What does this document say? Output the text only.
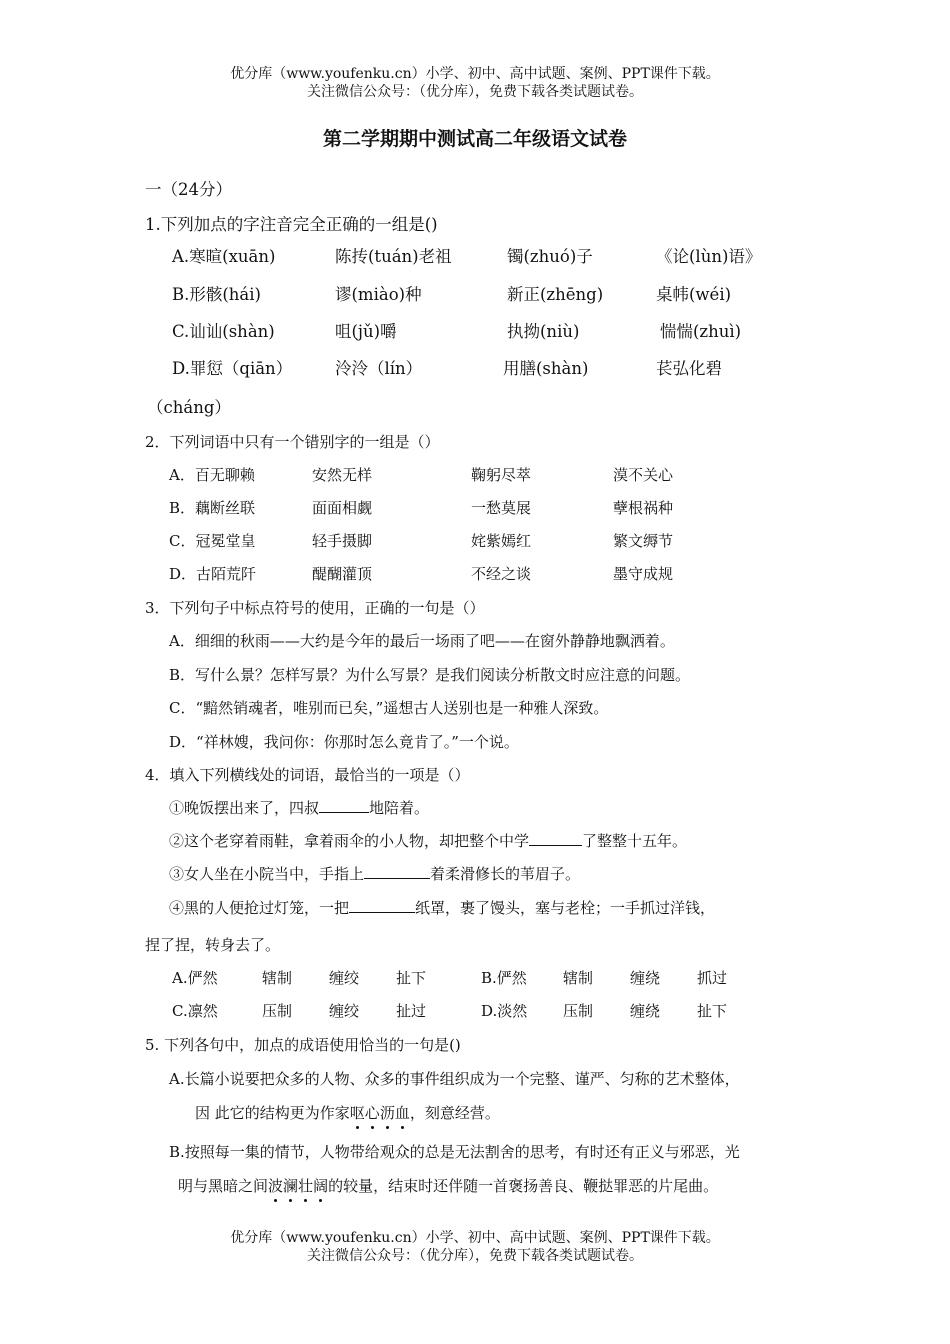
优分库（www.youfenku.cn）小学、初中、高中试题、案例、PPT课件下载。
关注微信公众号：（优分库），免费下载各类试题试卷。
第二学期期中测试高二年级语文试卷
一（24分）
1.下列加点的字注音完全正确的一组是()
A.寒暄(xuān)	陈抟(tuán)老祖	镯(zhuó)子	《论(lùn)语》
B.形骸(hái)	谬(miào)种	新正(zhēng)	桌帏(wéi)
C.讪讪(shàn)	咀(jǔ)嚼	执拗(niù)	惴惴(zhuì)
D.罪愆（qiān）	泠泠（lín）	用膳(shàn)	苌弘化碧
（cháng）
2．下列词语中只有一个错别字的一组是（）
A．百无聊赖	安然无样	鞠躬尽萃	漠不关心
B．藕断丝联	面面相觑	一愁莫展	孽根祸种
C．冠冕堂皇	轻手摄脚	姹紫嫣红	繁文缛节
D．古陌荒阡	醍醐灌顶	不经之谈	墨守成规
3．下列句子中标点符号的使用，正确的一句是（）
A．细细的秋雨——大约是今年的最后一场雨了吧——在窗外静静地飘洒着。
B．写什么景？怎样写景？为什么写景？是我们阅读分析散文时应注意的问题。
C．“黯然销魂者，唯别而已矣，”遥想古人送别也是一种雅人深致。
D．“祥林嫂，我问你：你那时怎么竟肯了。”一个说。
4．填入下列横线处的词语，最恰当的一项是（）
①晚饭摆出来了，四叔	地陪着。
②这个老穿着雨鞋，拿着雨伞的小人物，却把整个中学	了整整十五年。
③女人坐在小院当中，手指上	着柔滑修长的苇眉子。
④黑的人便抢过灯笼，一把	纸罩，裹了馒头，塞与老栓；一手抓过洋钱，
捏了捏，转身去了。
A.俨然	辖制 缠绞 扯下	B.俨然 辖制 缠绕 抓过
C.凛然	压制 缠绞 扯过	D.淡然 压制 缠绕 扯下
5. 下列各句中，加点的成语使用恰当的一句是()
A.长篇小说要把众多的人物、众多的事件组织成为一个完整、谨严、匀称的艺术整体，
因 此它的结构更为作家呕心沥血，刻意经营。
B.按照每一集的情节，人物带给观众的总是无法割舍的思考，有时还有正义与邪恶，光
明与黑暗之间波澜壮阔的较量，结束时还伴随一首褒扬善良、鞭挞罪恶的片尾曲。
优分库（www.youfenku.cn）小学、初中、高中试题、案例、PPT课件下载。
关注微信公众号：（优分库），免费下载各类试题试卷。
